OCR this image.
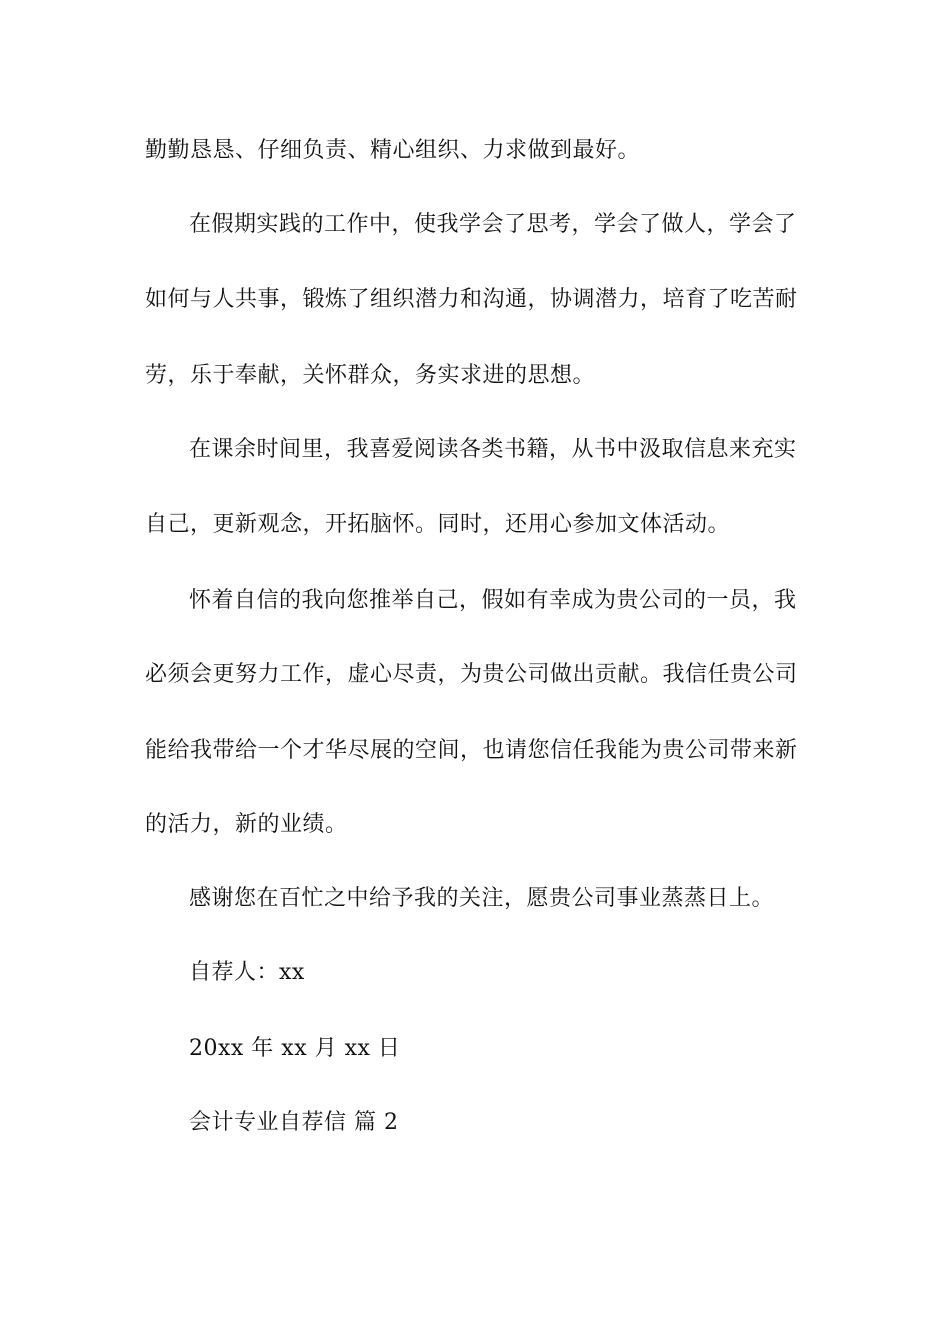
勤勤恳恳、仔细负责、精心组织、力求做到最好。
在假期实践的工作中，使我学会了思考，学会了做人，学会了
如何与人共事，锻炼了组织潜力和沟通，协调潜力，培育了吃苦耐
劳，乐于奉献，关怀群众，务实求进的思想。
在课余时间里，我喜爱阅读各类书籍，从书中汲取信息来充实
自己，更新观念，开拓脑怀。同时，还用心参加文体活动。
怀着自信的我向您推举自己，假如有幸成为贵公司的一员，我
必须会更努力工作，虚心尽责，为贵公司做出贡献。我信任贵公司
能给我带给一个才华尽展的空间，也请您信任我能为贵公司带来新
的活力，新的业绩。
感谢您在百忙之中给予我的关注，愿贵公司事业蒸蒸日上。
自荐人：xx
20xx 年 xx 月 xx 日
会计专业自荐信 篇 2
